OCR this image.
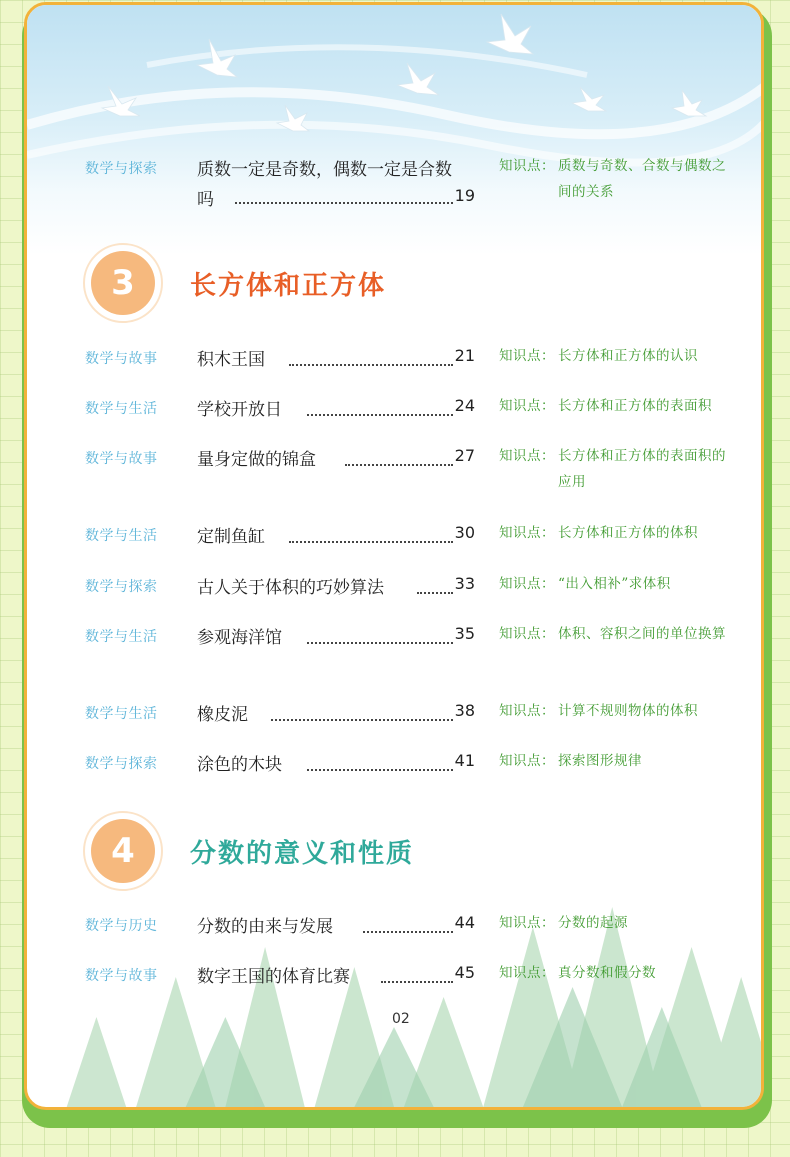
数学与探索 质数一定是奇数，偶数一定是合数
吗	19
知识点： 质数与奇数、合数与偶数之间的关系
3	长方体和正方体
数学与故事 积木王国	21 知识点： 长方体和正方体的认识
数学与生活 学校开放日	24 知识点： 长方体和正方体的表面积
数学与故事 量身定做的锦盒	27 知识点： 长方体和正方体的表面积的应用
数学与生活 定制鱼缸	30 知识点： 长方体和正方体的体积
数学与探索 古人关于体积的巧妙算法	33 知识点： “出入相补”求体积
数学与生活 参观海洋馆	35 知识点： 体积、容积之间的单位换算
数学与生活 橡皮泥	38 知识点： 计算不规则物体的体积
数学与探索 涂色的木块	41 知识点： 探索图形规律
4	分数的意义和性质
数学与历史 分数的由来与发展	44 知识点： 分数的起源
数学与故事 数字王国的体育比赛	45 知识点： 真分数和假分数
02
